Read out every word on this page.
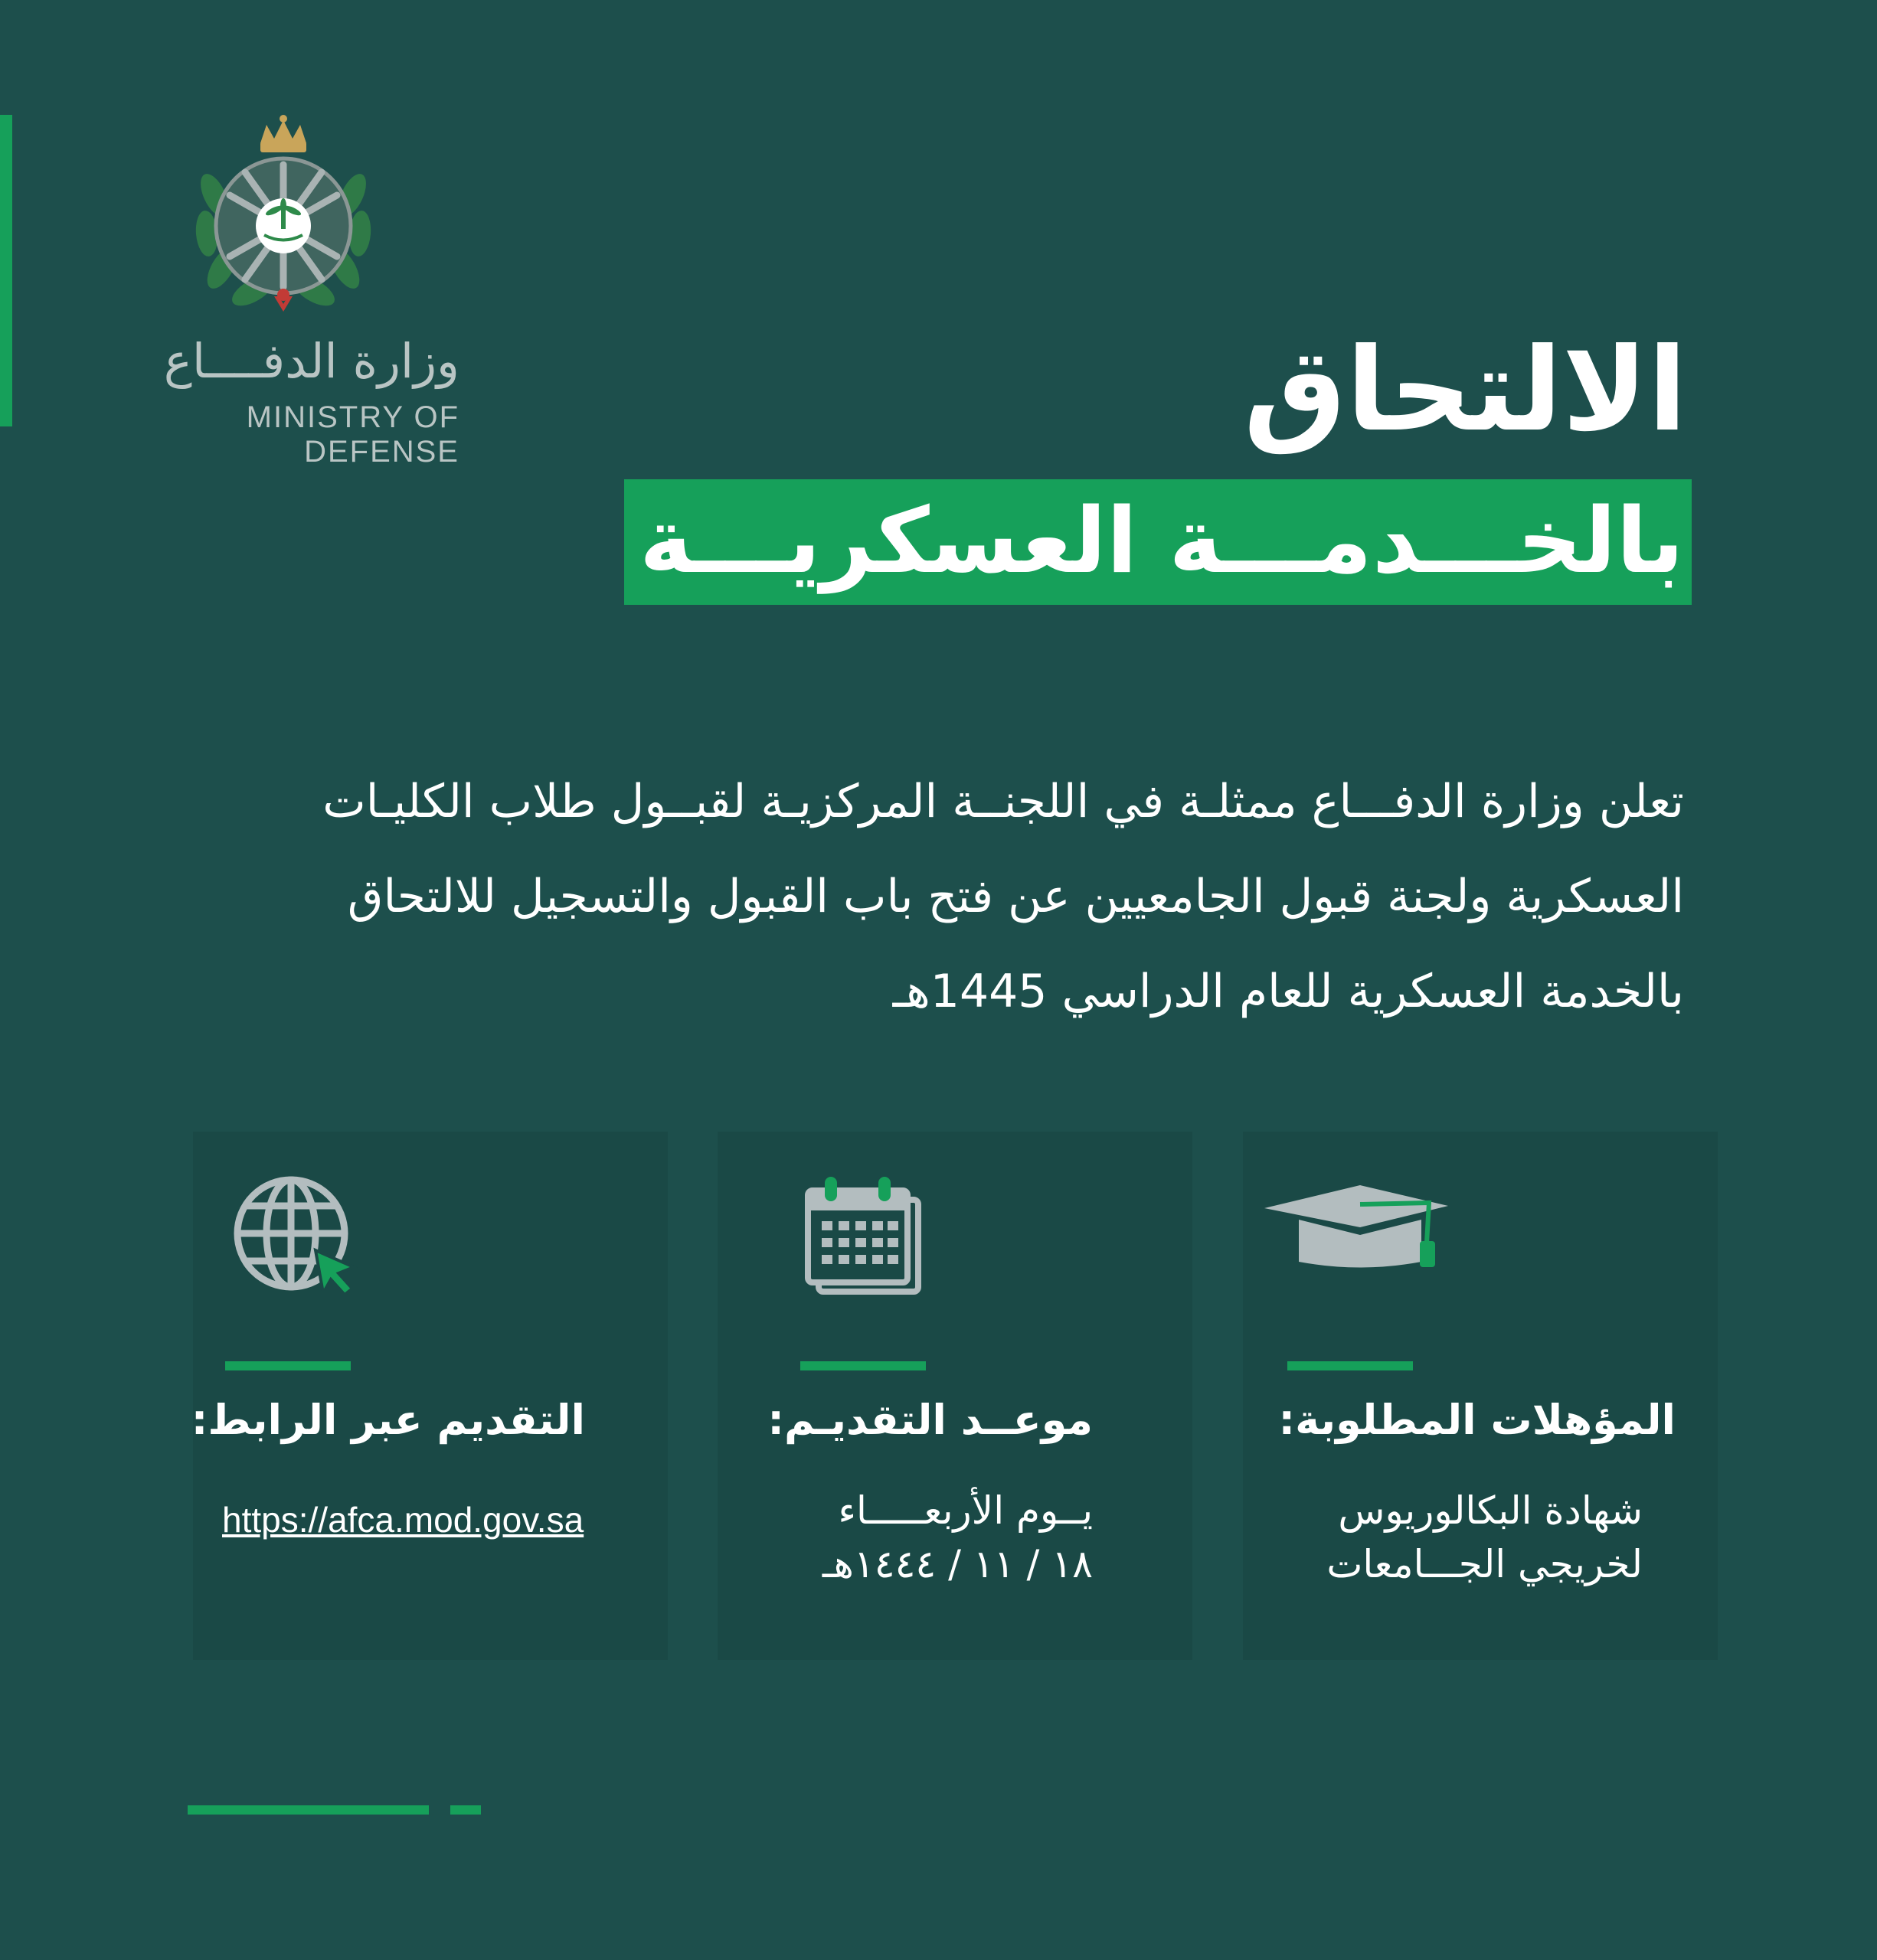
وزارة الدفــــاع
MINISTRY OF DEFENSE	الالتحاق
بالخـــدمـــة العسكريـــة
تعلن وزارة الدفـــاع ممثلـة في اللجنــة المركزيـة لقبــول طلاب الكليـات
العسكرية ولجنة قبول الجامعيين عن فتح باب القبول والتسجيل للالتحاق
بالخدمة العسكرية للعام الدراسي 1445هـ
التقديم عبر الرابط:
https://afca.mod.gov.sa
موعــد التقديـم:
يــوم الأربعـــــاء
١٨ / ١١ / ١٤٤٤هـ
المؤهلات المطلوبة:
شهادة البكالوريوس
لخريجي الجـــامعات
